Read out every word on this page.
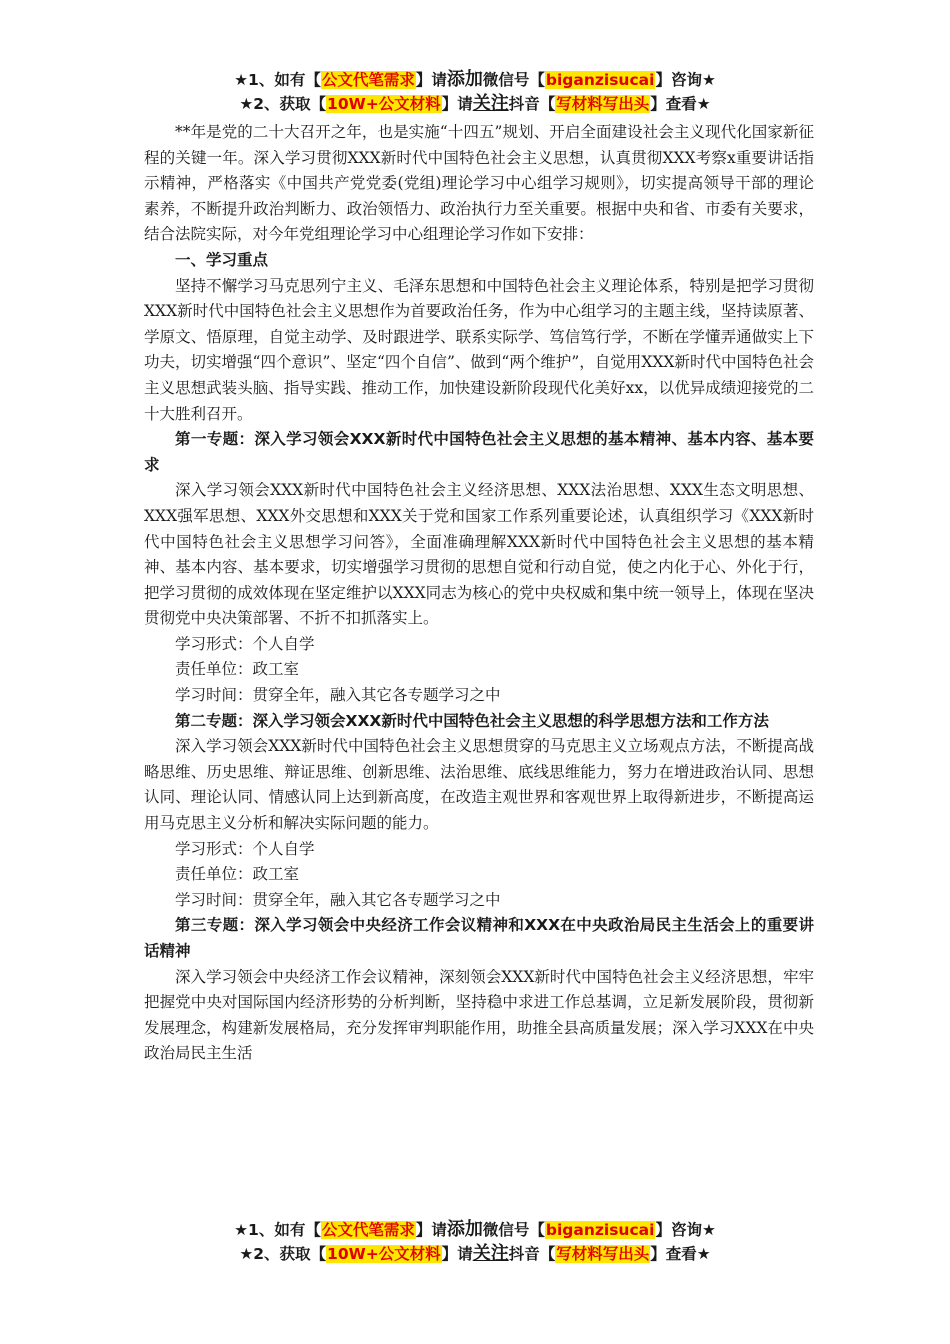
★1、如有【公文代笔需求】请添加微信号【biganzisucai】咨询★
★2、获取【10W+公文材料】请关注抖音【写材料写出头】查看★

**年是党的二十大召开之年，也是实施“十四五”规划、开启全面建设社会主义现代化国家新征程的关键一年。深入学习贯彻XXX新时代中国特色社会主义思想，认真贯彻XXX考察x重要讲话指示精神，严格落实《中国共产党党委(党组)理论学习中心组学习规则》，切实提高领导干部的理论素养，不断提升政治判断力、政治领悟力、政治执行力至关重要。根据中央和省、市委有关要求，结合法院实际，对今年党组理论学习中心组理论学习作如下安排：

一、学习重点

坚持不懈学习马克思列宁主义、毛泽东思想和中国特色社会主义理论体系，特别是把学习贯彻XXX新时代中国特色社会主义思想作为首要政治任务，作为中心组学习的主题主线，坚持读原著、学原文、悟原理，自觉主动学、及时跟进学、联系实际学、笃信笃行学，不断在学懂弄通做实上下功夫，切实增强“四个意识”、坚定“四个自信”、做到“两个维护”，自觉用XXX新时代中国特色社会主义思想武装头脑、指导实践、推动工作，加快建设新阶段现代化美好xx，以优异成绩迎接党的二十大胜利召开。

第一专题：深入学习领会XXX新时代中国特色社会主义思想的基本精神、基本内容、基本要求

深入学习领会XXX新时代中国特色社会主义经济思想、XXX法治思想、XXX生态文明思想、XXX强军思想、XXX外交思想和XXX关于党和国家工作系列重要论述，认真组织学习《XXX新时代中国特色社会主义思想学习问答》，全面准确理解XXX新时代中国特色社会主义思想的基本精神、基本内容、基本要求，切实增强学习贯彻的思想自觉和行动自觉，使之内化于心、外化于行，把学习贯彻的成效体现在坚定维护以XXX同志为核心的党中央权威和集中统一领导上，体现在坚决贯彻党中央决策部署、不折不扣抓落实上。

学习形式：个人自学

责任单位：政工室

学习时间：贯穿全年，融入其它各专题学习之中

第二专题：深入学习领会XXX新时代中国特色社会主义思想的科学思想方法和工作方法

深入学习领会XXX新时代中国特色社会主义思想贯穿的马克思主义立场观点方法，不断提高战略思维、历史思维、辩证思维、创新思维、法治思维、底线思维能力，努力在增进政治认同、思想认同、理论认同、情感认同上达到新高度，在改造主观世界和客观世界上取得新进步，不断提高运用马克思主义分析和解决实际问题的能力。

学习形式：个人自学

责任单位：政工室

学习时间：贯穿全年，融入其它各专题学习之中

第三专题：深入学习领会中央经济工作会议精神和XXX在中央政治局民主生活会上的重要讲话精神

深入学习领会中央经济工作会议精神，深刻领会XXX新时代中国特色社会主义经济思想，牢牢把握党中央对国际国内经济形势的分析判断，坚持稳中求进工作总基调，立足新发展阶段，贯彻新发展理念，构建新发展格局，充分发挥审判职能作用，助推全县高质量发展；深入学习XXX在中央政治局民主生活

★1、如有【公文代笔需求】请添加微信号【biganzisucai】咨询★
★2、获取【10W+公文材料】请关注抖音【写材料写出头】查看★
